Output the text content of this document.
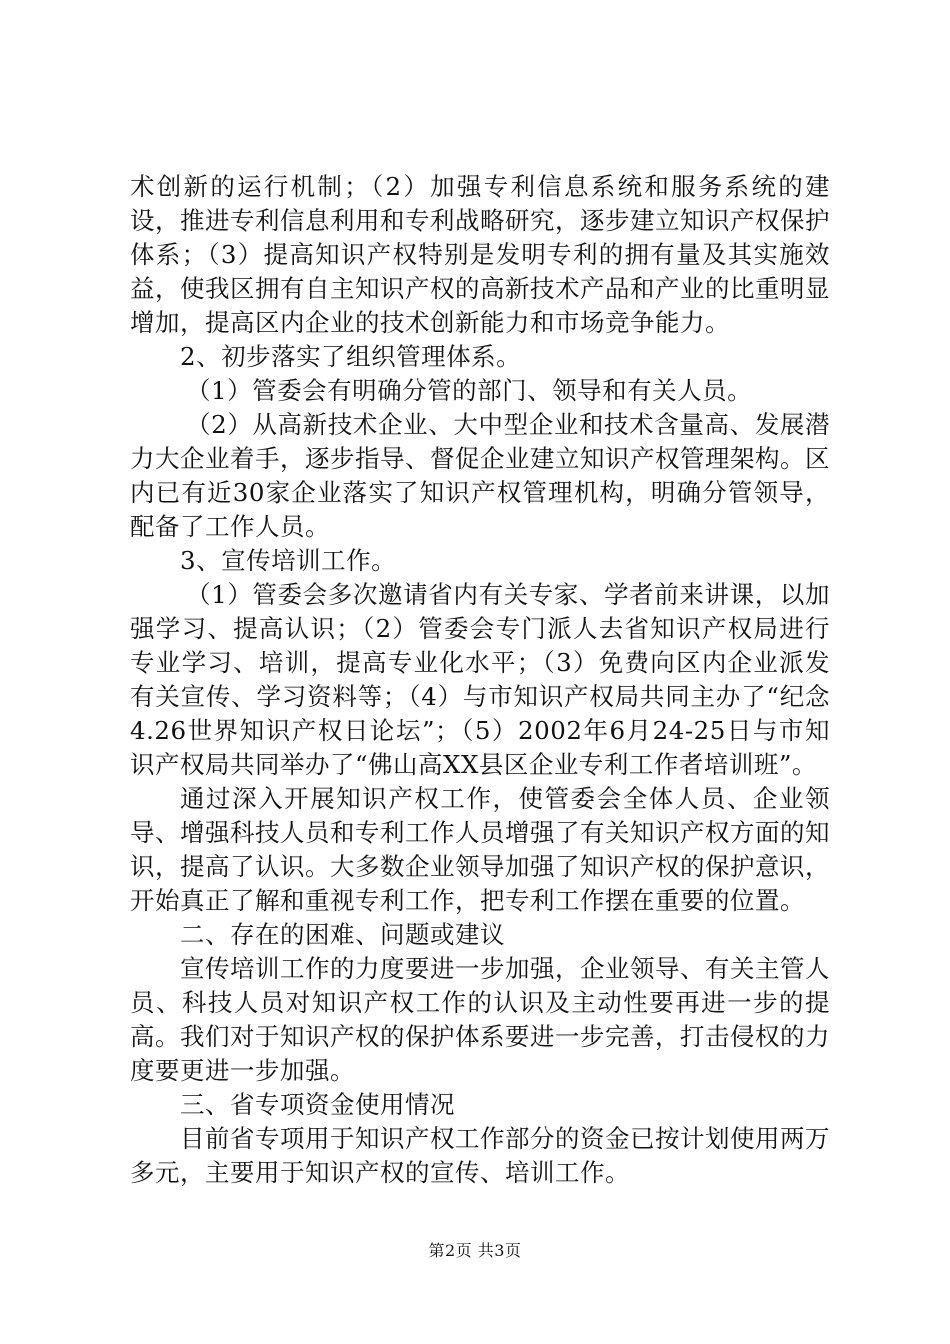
术创新的运行机制；（2）加强专利信息系统和服务系统的建设，推进专利信息利用和专利战略研究，逐步建立知识产权保护体系；（3）提高知识产权特别是发明专利的拥有量及其实施效益，使我区拥有自主知识产权的高新技术产品和产业的比重明显增加，提高区内企业的技术创新能力和市场竞争能力。

2、初步落实了组织管理体系。

（1）管委会有明确分管的部门、领导和有关人员。

（2）从高新技术企业、大中型企业和技术含量高、发展潜力大企业着手，逐步指导、督促企业建立知识产权管理架构。区内已有近30家企业落实了知识产权管理机构，明确分管领导，配备了工作人员。

3、宣传培训工作。

（1）管委会多次邀请省内有关专家、学者前来讲课，以加强学习、提高认识；（2）管委会专门派人去省知识产权局进行专业学习、培训，提高专业化水平；（3）免费向区内企业派发有关宣传、学习资料等；（4）与市知识产权局共同主办了“纪念4.26世界知识产权日论坛”；（5）2002年6月24-25日与市知识产权局共同举办了“佛山高XX县区企业专利工作者培训班”。

通过深入开展知识产权工作，使管委会全体人员、企业领导、增强科技人员和专利工作人员增强了有关知识产权方面的知识，提高了认识。大多数企业领导加强了知识产权的保护意识，开始真正了解和重视专利工作，把专利工作摆在重要的位置。

二、存在的困难、问题或建议

宣传培训工作的力度要进一步加强，企业领导、有关主管人员、科技人员对知识产权工作的认识及主动性要再进一步的提高。我们对于知识产权的保护体系要进一步完善，打击侵权的力度要更进一步加强。

三、省专项资金使用情况

目前省专项用于知识产权工作部分的资金已按计划使用两万多元，主要用于知识产权的宣传、培训工作。

第2页 共3页
